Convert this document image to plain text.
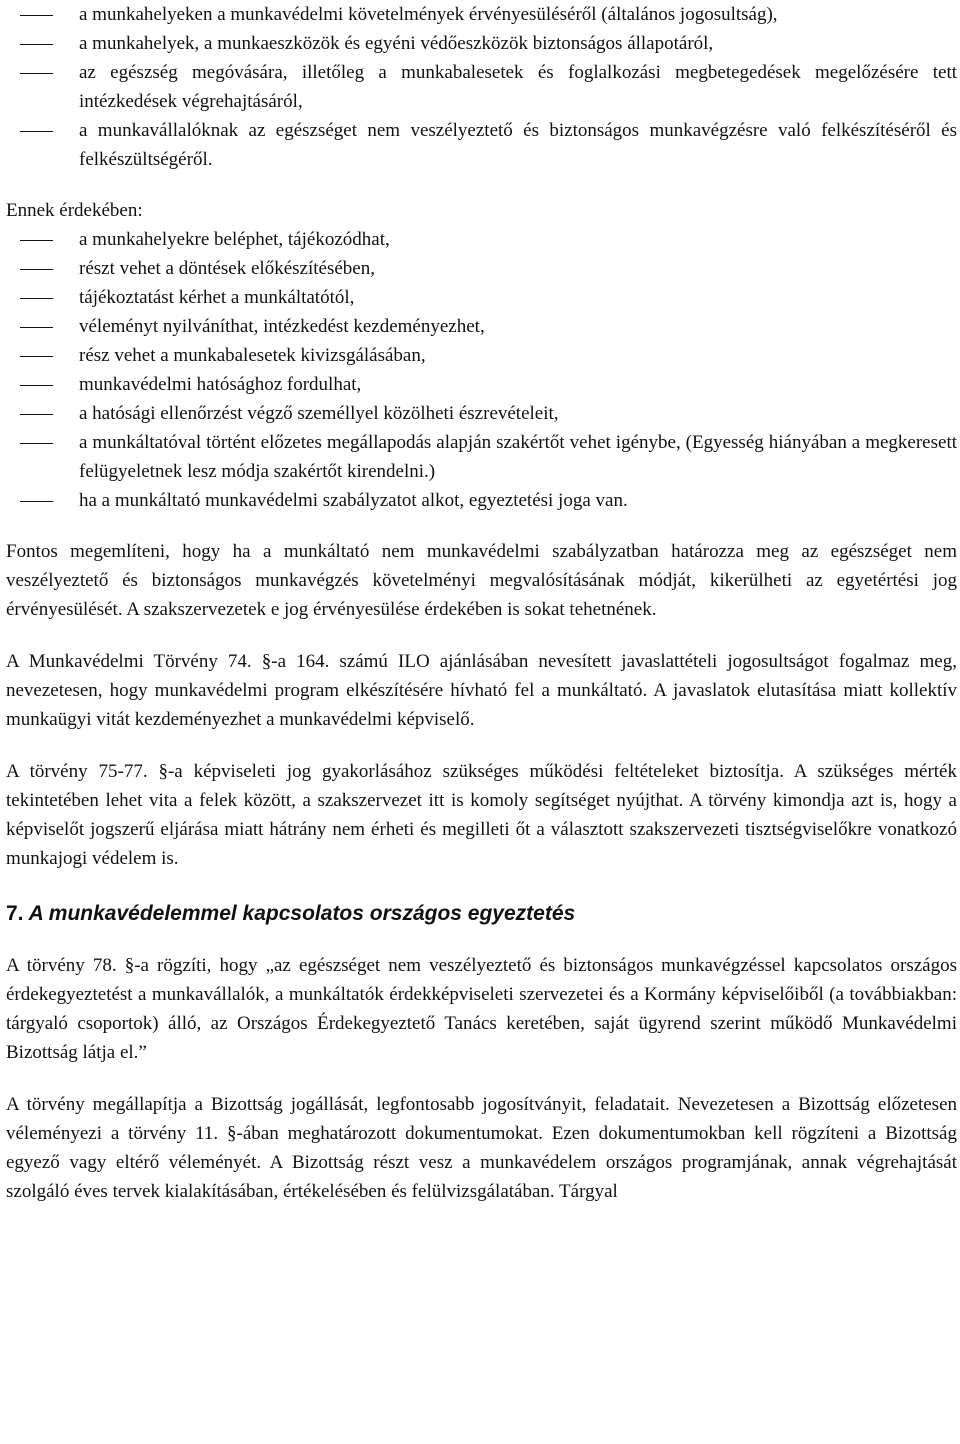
a munkahelyeken a munkavédelmi követelmények érvényesüléséről (általános jogosultság),
a munkahelyek, a munkaeszközök és egyéni védőeszközök biztonságos állapotáról,
az egészség megóvására, illetőleg a munkabalesetek és foglalkozási megbetegedések megelőzésére tett intézkedések végrehajtásáról,
a munkavállalóknak az egészséget nem veszélyeztető és biztonságos munkavégzésre való felkészítéséről és felkészültségéről.
Ennek érdekében:
a munkahelyekre beléphet, tájékozódhat,
részt vehet a döntések előkészítésében,
tájékoztatást kérhet a munkáltatótól,
véleményt nyilváníthat, intézkedést kezdeményezhet,
rész vehet a munkabalesetek kivizsgálásában,
munkavédelmi hatósághoz fordulhat,
a hatósági ellenőrzést végző személlyel közölheti észrevételeit,
a munkáltatóval történt előzetes megállapodás alapján szakértőt vehet igénybe, (Egyesség hiányában a megkeresett felügyeletnek lesz módja szakértőt kirendelni.)
ha a munkáltató munkavédelmi szabályzatot alkot, egyeztetési joga van.

Fontos megemlíteni, hogy ha a munkáltató nem munkavédelmi szabályzatban határozza meg az egészséget nem veszélyeztető és biztonságos munkavégzés követelményi megvalósításának módját, kikerülheti az egyetértési jog érvényesülését. A szakszervezetek e jog érvényesülése érdekében is sokat tehetnének.

A Munkavédelmi Törvény 74. §-a 164. számú ILO ajánlásában nevesített javaslattételi jogosultságot fogalmaz meg, nevezetesen, hogy munkavédelmi program elkészítésére hívható fel a munkáltató. A javaslatok elutasítása miatt kollektív munkaügyi vitát kezdeményezhet a munkavédelmi képviselő.

A törvény 75-77. §-a képviseleti jog gyakorlásához szükséges működési feltételeket biztosítja. A szükséges mérték tekintetében lehet vita a felek között, a szakszervezet itt is komoly segítséget nyújthat. A törvény kimondja azt is, hogy a képviselőt jogszerű eljárása miatt hátrány nem érheti és megilleti őt a választott szakszervezeti tisztségviselőkre vonatkozó munkajogi védelem is.

7. A munkavédelemmel kapcsolatos országos egyeztetés

A törvény 78. §-a rögzíti, hogy „az egészséget nem veszélyeztető és biztonságos munkavégzéssel kapcsolatos országos érdekegyeztetést a munkavállalók, a munkáltatók érdekképviseleti szervezetei és a Kormány képviselőiből (a továbbiakban: tárgyaló csoportok) álló, az Országos Érdekegyeztető Tanács keretében, saját ügyrend szerint működő Munkavédelmi Bizottság látja el.”

A törvény megállapítja a Bizottság jogállását, legfontosabb jogosítványit, feladatait. Nevezetesen a Bizottság előzetesen véleményezi a törvény 11. §-ában meghatározott dokumentumokat. Ezen dokumentumokban kell rögzíteni a Bizottság egyező vagy eltérő véleményét. A Bizottság részt vesz a munkavédelem országos programjának, annak végrehajtását szolgáló éves tervek kialakításában, értékelésében és felülvizsgálatában. Tárgyal
